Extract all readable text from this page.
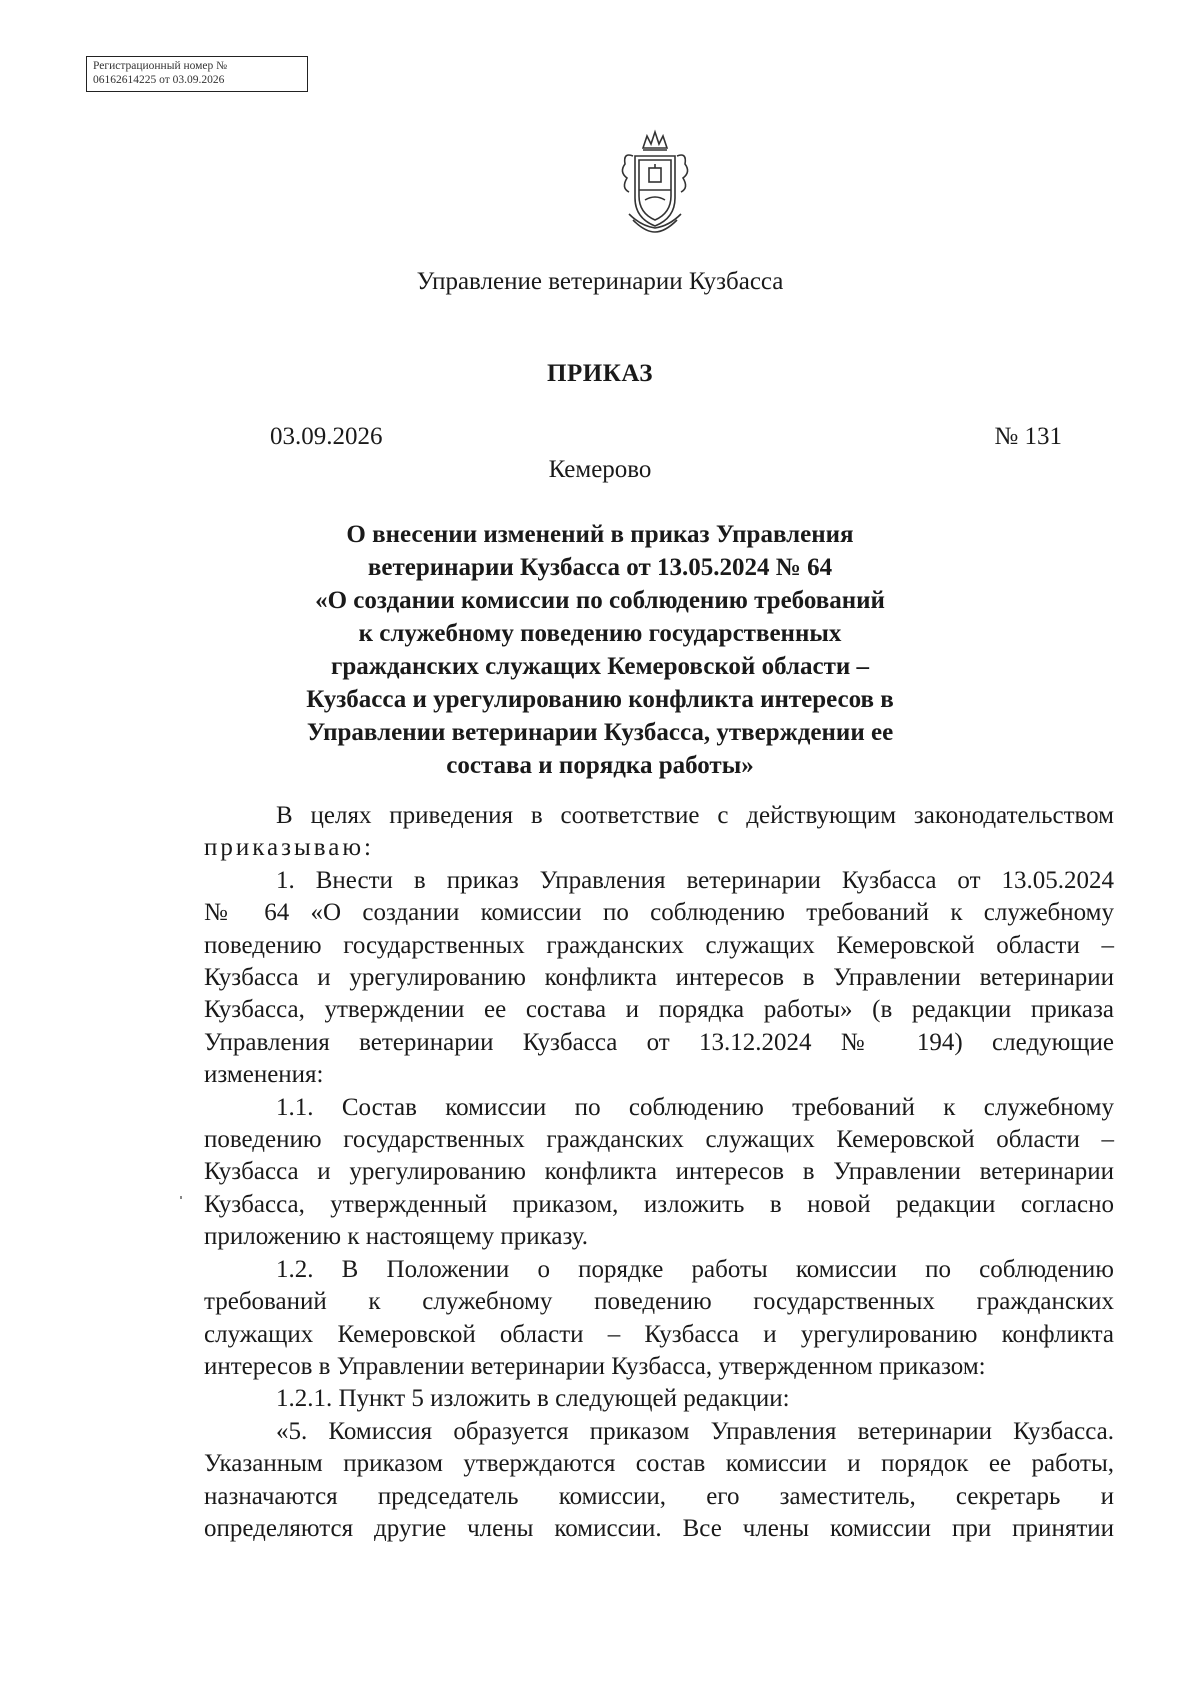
Регистрационный номер №
06162614225 от 03.09.2026
Управление ветеринарии Кузбасса
ПРИКАЗ
03.09.2026	№ 131
Кемерово
О внесении изменений в приказ Управления
ветеринарии Кузбасса от 13.05.2024 № 64
«О создании комиссии по соблюдению требований
к служебному поведению государственных
гражданских служащих Кемеровской области –
Кузбасса и урегулированию конфликта интересов в
Управлении ветеринарии Кузбасса, утверждении ее
состава и порядка работы»
В целях приведения в соответствие с действующим законодательством
приказываю:
1. Внести в приказ Управления ветеринарии Кузбасса от 13.05.2024
№ 64 «О создании комиссии по соблюдению требований к служебному
поведению государственных гражданских служащих Кемеровской области –
Кузбасса и урегулированию конфликта интересов в Управлении ветеринарии
Кузбасса, утверждении ее состава и порядка работы» (в редакции приказа
Управления ветеринарии Кузбасса от 13.12.2024 № 194) следующие
изменения:
1.1. Состав комиссии по соблюдению требований к служебному
поведению государственных гражданских служащих Кемеровской области –
Кузбасса и урегулированию конфликта интересов в Управлении ветеринарии
Кузбасса, утвержденный приказом, изложить в новой редакции согласно
приложению к настоящему приказу.
1.2. В Положении о порядке работы комиссии по соблюдению
требований к служебному поведению государственных гражданских
служащих Кемеровской области – Кузбасса и урегулированию конфликта
интересов в Управлении ветеринарии Кузбасса, утвержденном приказом:
1.2.1. Пункт 5 изложить в следующей редакции:
«5. Комиссия образуется приказом Управления ветеринарии Кузбасса.
Указанным приказом утверждаются состав комиссии и порядок ее работы,
назначаются председатель комиссии, его заместитель, секретарь и
определяются другие члены комиссии. Все члены комиссии при принятии
